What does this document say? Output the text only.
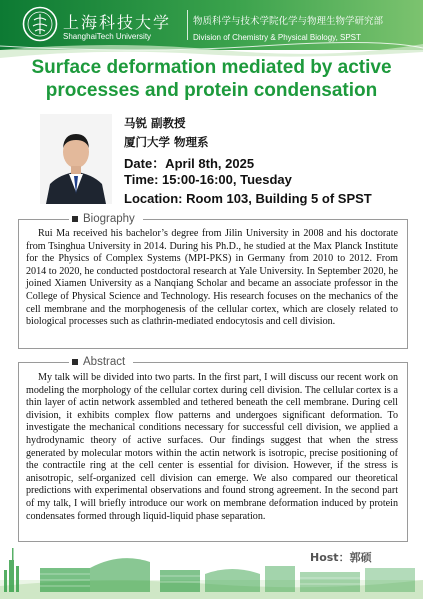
上海科技大学
ShanghaiTech University
物质科学与技术学院化学与物理生物学研究部
Division of Chemistry & Physical Biology, SPST
Surface deformation mediated by active processes and protein condensation
马锐 副教授
厦门大学 物理系
Date：April 8th, 2025
Time: 15:00-16:00, Tuesday
Location: Room 103, Building 5 of SPST
Biography

Rui Ma received his bachelor’s degree from Jilin University in 2008 and his doctorate from Tsinghua University in 2014. During his Ph.D., he studied at the Max Planck Institute for the Physics of Complex Systems (MPI-PKS) in Germany from 2010 to 2012. From 2014 to 2020, he conducted postdoctoral research at Yale University. In September 2020, he joined Xiamen University as a Nanqiang Scholar and became an associate professor in the College of Physical Science and Technology. His research focuses on the mechanics of the cell membrane and the morphogenesis of the cellular cortex, which are closely related to biological processes such as clathrin-mediated endocytosis and cell division.

Abstract

My talk will be divided into two parts. In the first part, I will discuss our recent work on modeling the morphology of the cellular cortex during cell division. The cellular cortex is a thin layer of actin network assembled and tethered beneath the cell membrane. During cell division, it exhibits complex flow patterns and undergoes significant deformation. To investigate the mechanical conditions necessary for successful cell division, we applied a hydrodynamic theory of active surfaces. Our findings suggest that when the stress generated by molecular motors within the actin network is isotropic, precise positioning of the contractile ring at the cell center is essential for division. However, if the stress is anisotropic, self-organized cell division can emerge. We also compared our theoretical predictions with experimental observations and found strong agreement. In the second part of my talk, I will briefly introduce our work on membrane deformation induced by protein condensates formed through liquid-liquid phase separation.

Host：郭硕
